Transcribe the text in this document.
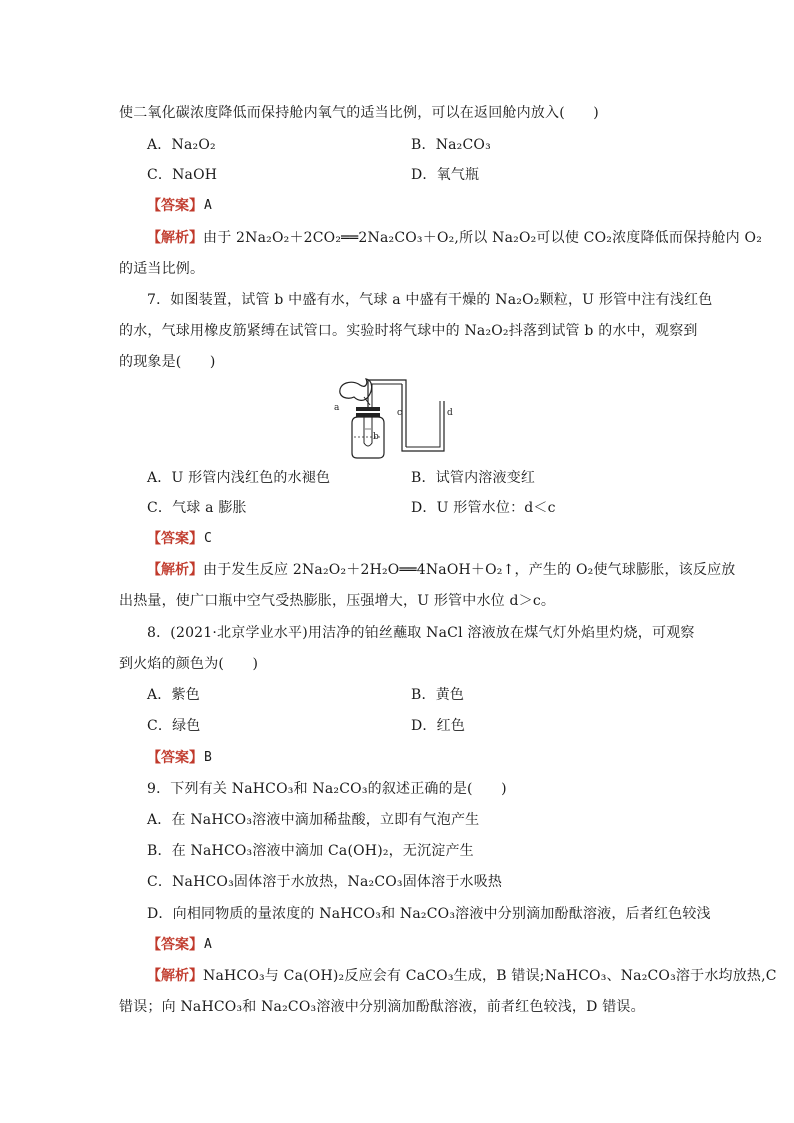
使二氧化碳浓度降低而保持舱内氧气的适当比例，可以在返回舱内放入(　　)
A．Na₂O₂	B．Na₂CO₃
C．NaOH	D．氧气瓶
【答案】 A
【解析】 由于 2Na₂O₂＋2CO₂══2Na₂CO₃＋O₂,所以 Na₂O₂可以使 CO₂浓度降低而保持舱内 O₂
的适当比例。
7．如图装置，试管 b 中盛有水，气球 a 中盛有干燥的 Na₂O₂颗粒，U 形管中注有浅红色
的水，气球用橡皮筋紧缚在试管口。实验时将气球中的 Na₂O₂抖落到试管 b 的水中，观察到
的现象是(　　)
a
b
c	d
A．U 形管内浅红色的水褪色	B．试管内溶液变红
C．气球 a 膨胀	D．U 形管水位：d＜c
【答案】 C
【解析】 由于发生反应 2Na₂O₂＋2H₂O══4NaOH＋O₂↑，产生的 O₂使气球膨胀，该反应放
出热量，使广口瓶中空气受热膨胀，压强增大，U 形管中水位 d＞c。
8．(2021·北京学业水平)用洁净的铂丝蘸取 NaCl 溶液放在煤气灯外焰里灼烧，可观察
到火焰的颜色为(　　)
A．紫色	B．黄色
C．绿色	D．红色
【答案】 B
9．下列有关 NaHCO₃和 Na₂CO₃的叙述正确的是(　　)
A．在 NaHCO₃溶液中滴加稀盐酸，立即有气泡产生
B．在 NaHCO₃溶液中滴加 Ca(OH)₂，无沉淀产生
C．NaHCO₃固体溶于水放热，Na₂CO₃固体溶于水吸热
D．向相同物质的量浓度的 NaHCO₃和 Na₂CO₃溶液中分别滴加酚酞溶液，后者红色较浅
【答案】 A
【解析】 NaHCO₃与 Ca(OH)₂反应会有 CaCO₃生成，B 错误;NaHCO₃、Na₂CO₃溶于水均放热,C
错误；向 NaHCO₃和 Na₂CO₃溶液中分别滴加酚酞溶液，前者红色较浅，D 错误。
